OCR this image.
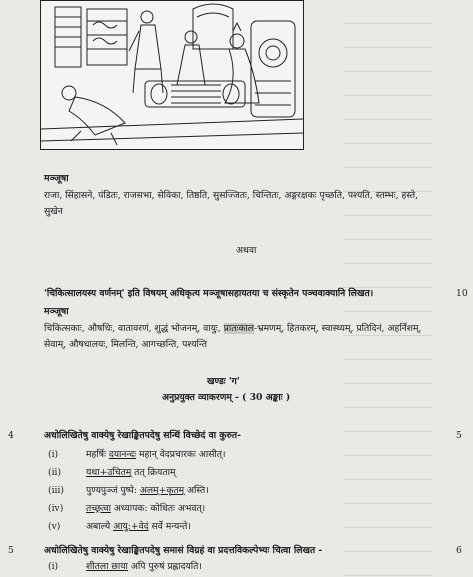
मञ्जूषा
राजा, सिंहासने, पंडितः, राजसभा, सेविका, तिष्ठति, सुसज्जितः, चिन्तितः, अङ्गरक्षकः पृच्छति, पश्यति, स्तम्भः, हस्ते,
सुखेन
अथवा
'चिकित्सालयस्य वर्णनम्' इति विषयम् अधिकृत्य मञ्जूषासहायतया च संस्कृतेन पञ्चवाक्यानि लिखत।	10
मञ्जूषा
चिकित्सकाः, औषधिः, वातावरणं, शुद्धं भोजनम्, वायुः, प्रातःकाल-भ्रमणम्, हितकरम्, स्वास्थ्यम्, प्रतिदिनं, अहर्निशम्,
सेवाम्, औषधालयः, मिलन्ति, आगच्छन्ति, पश्यन्ति
खण्डः 'ग'
अनुप्रयुक्त व्याकरणम् - ( 30 अङ्काः )
4	अधोलिखितेषु वाक्येषु रेखाङ्कितपदेषु सन्धिं विच्छेदं वा कुरुत-	5
(i)	महर्षिः दयानन्दः महान् वेदप्रचारकः आसीत्।
(ii)	यथा+उचितम् तत् क्रियताम्
(iii) पुण्यपुञ्जं पुष्पे: अलम्+कृतम् अस्ति।
(iv) तच्छ्रत्वा अध्यापक: कोधितः अभवत्।
(v)	अबाल्ये आयु:+वेदं सर्वे मन्यन्ते।
5	अधोलिखितेषु वाक्येषु रेखाङ्कितपदेषु समासं विग्रहं वा प्रदत्तविकल्पेभ्यः चित्वा लिखत -	6
(i)	शीतला छाया अपि पुरुषं प्रह्लादयति।
